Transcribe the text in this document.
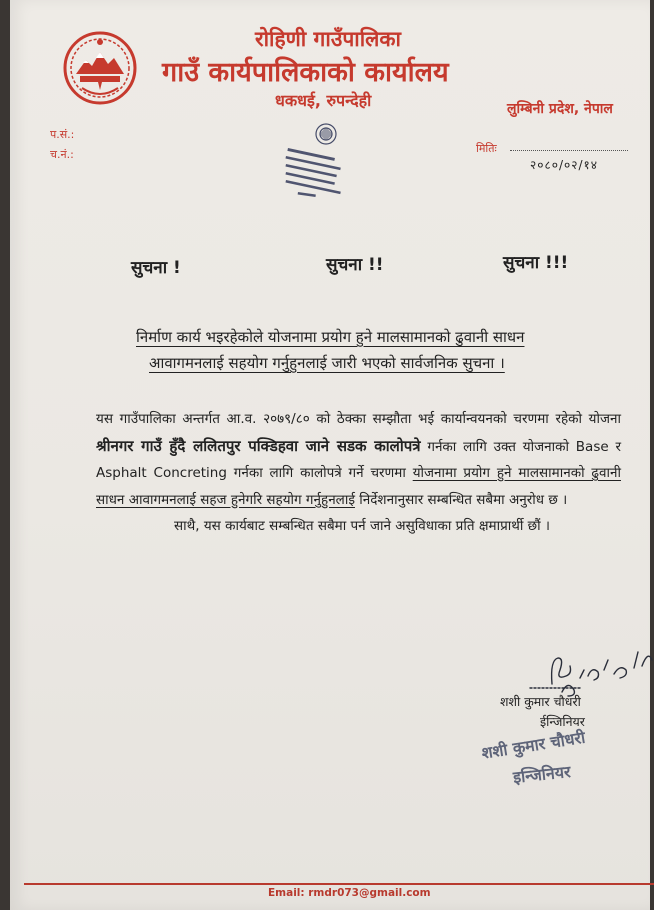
रोहिणी गाउँपालिका
गाउँ कार्यपालिकाको कार्यालय
धकधई, रुपन्देही	लुम्बिनी प्रदेश, नेपाल
प.सं.:
च.नं.:	मितिः
२०८०/०२/१४
सुचना !	सुचना !!	सुचना !!!
निर्माण कार्य भइरहेकोले योजनामा प्रयोग हुने मालसामानको ढुवानी साधन
आवागमनलाई सहयोग गर्नुहुनलाई जारी भएको सार्वजनिक सुचना ।
यस गाउँपालिका अन्तर्गत आ.व. २०७९/८० को ठेक्का सम्झौता भई कार्यान्वयनको चरणमा रहेको योजना श्रीनगर गाउँ हुँदै ललितपुर पक्डिहवा जाने सडक कालोपत्रे गर्नका लागि उक्त योजनाको Base र Asphalt Concreting गर्नका लागि कालोपत्रे गर्ने चरणमा योजनामा प्रयोग हुने मालसामानको ढुवानी साधन आवागमनलाई सहज हुनेगरि सहयोग गर्नुहुनलाई निर्देशनानुसार सम्बन्धित सबैमा अनुरोध छ ।
साथै, यस कार्यबाट सम्बन्धित सबैमा पर्न जाने असुविधाका प्रति क्षमाप्रार्थी छौं ।
शशी कुमार चौधरी
ईन्जिनियर
शशी कुमार चौधरी
इन्जिनियर
Email: rmdr073@gmail.com
